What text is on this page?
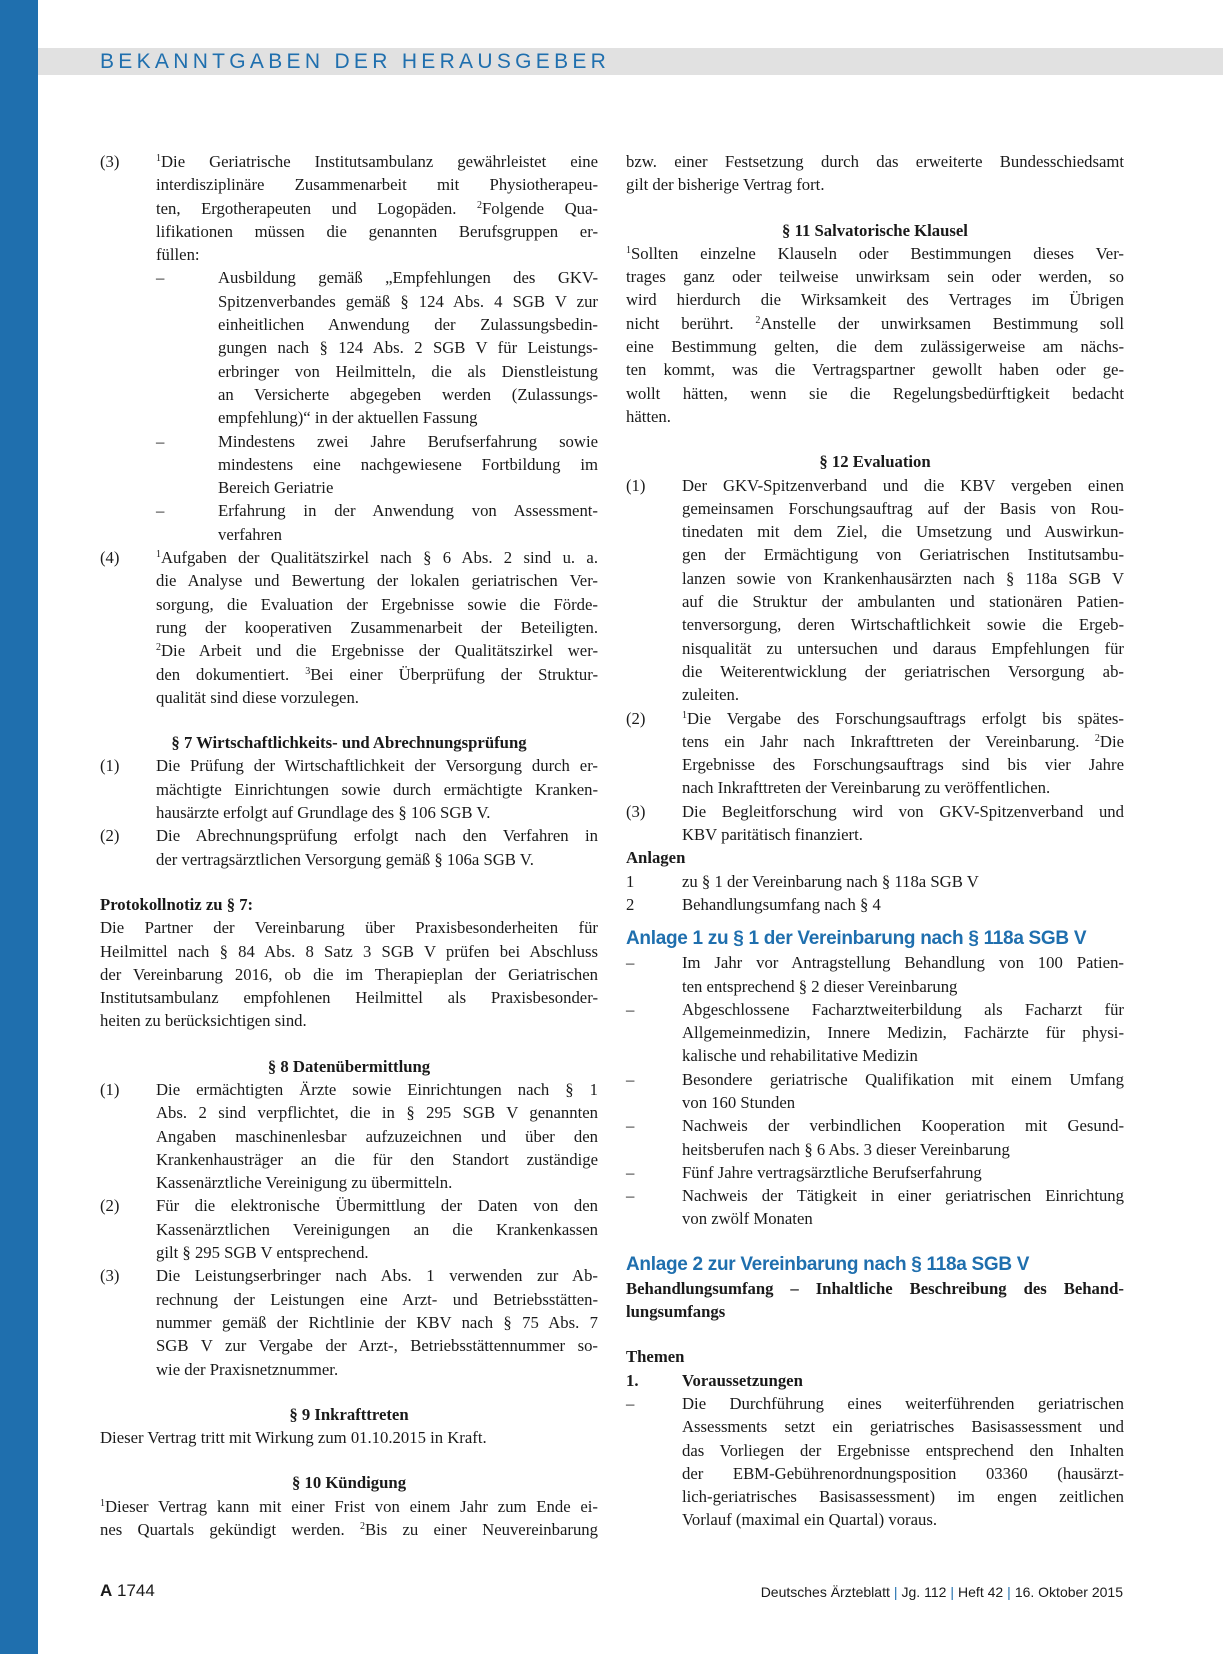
BEKANNTGABEN DER HERAUSGEBER
(3)	$^1$Die Geriatrische Institutsambulanz gewährleistet eine
interdisziplinäre Zusammenarbeit mit Physiotherapeu-
ten, Ergotherapeuten und Logopäden. $^2$Folgende Qua-
lifikationen müssen die genannten Berufsgruppen er-
füllen:
–	Ausbildung gemäß „Empfehlungen des GKV-
Spitzenverbandes gemäß § 124 Abs. 4 SGB V zur
einheitlichen Anwendung der Zulassungsbedin-
gungen nach § 124 Abs. 2 SGB V für Leistungs-
erbringer von Heilmitteln, die als Dienstleistung
an Versicherte abgegeben werden (Zulassungs-
empfehlung)“ in der aktuellen Fassung
–	Mindestens zwei Jahre Berufserfahrung sowie
mindestens eine nachgewiesene Fortbildung im
Bereich Geriatrie
–	Erfahrung in der Anwendung von Assessment-
verfahren
(4)	$^1$Aufgaben der Qualitätszirkel nach § 6 Abs. 2 sind u. a.
die Analyse und Bewertung der lokalen geriatrischen Ver-
sorgung, die Evaluation der Ergebnisse sowie die Förde-
rung der kooperativen Zusammenarbeit der Beteiligten.
$^2$Die Arbeit und die Ergebnisse der Qualitätszirkel wer-
den dokumentiert. $^3$Bei einer Überprüfung der Struktur-
qualität sind diese vorzulegen.
§ 7 Wirtschaftlichkeits- und Abrechnungsprüfung
(1)	Die Prüfung der Wirtschaftlichkeit der Versorgung durch er-
mächtigte Einrichtungen sowie durch ermächtigte Kranken-
hausärzte erfolgt auf Grundlage des § 106 SGB V.
(2)	Die Abrechnungsprüfung erfolgt nach den Verfahren in
der vertragsärztlichen Versorgung gemäß § 106a SGB V.
Protokollnotiz zu § 7:
Die Partner der Vereinbarung über Praxisbesonderheiten für
Heilmittel nach § 84 Abs. 8 Satz 3 SGB V prüfen bei Abschluss
der Vereinbarung 2016, ob die im Therapieplan der Geriatrischen
Institutsambulanz empfohlenen Heilmittel als Praxisbesonder-
heiten zu berücksichtigen sind.
§ 8 Datenübermittlung
(1)	Die ermächtigten Ärzte sowie Einrichtungen nach § 1
Abs. 2 sind verpflichtet, die in § 295 SGB V genannten
Angaben maschinenlesbar aufzuzeichnen und über den
Krankenhausträger an die für den Standort zuständige
Kassenärztliche Vereinigung zu übermitteln.
(2)	Für die elektronische Übermittlung der Daten von den
Kassenärztlichen Vereinigungen an die Krankenkassen
gilt § 295 SGB V entsprechend.
(3)	Die Leistungserbringer nach Abs. 1 verwenden zur Ab-
rechnung der Leistungen eine Arzt- und Betriebsstätten-
nummer gemäß der Richtlinie der KBV nach § 75 Abs. 7
SGB V zur Vergabe der Arzt-, Betriebsstättennummer so-
wie der Praxisnetznummer.
§ 9 Inkrafttreten
Dieser Vertrag tritt mit Wirkung zum 01.10.2015 in Kraft.
§ 10 Kündigung
$^1$Dieser Vertrag kann mit einer Frist von einem Jahr zum Ende ei-
nes Quartals gekündigt werden. $^2$Bis zu einer Neuvereinbarung
bzw. einer Festsetzung durch das erweiterte Bundesschiedsamt
gilt der bisherige Vertrag fort.
§ 11 Salvatorische Klausel
$^1$Sollten einzelne Klauseln oder Bestimmungen dieses Ver-
trages ganz oder teilweise unwirksam sein oder werden, so
wird hierdurch die Wirksamkeit des Vertrages im Übrigen
nicht berührt. $^2$Anstelle der unwirksamen Bestimmung soll
eine Bestimmung gelten, die dem zulässigerweise am nächs-
ten kommt, was die Vertragspartner gewollt haben oder ge-
wollt hätten, wenn sie die Regelungsbedürftigkeit bedacht
hätten.
§ 12 Evaluation
(1)	Der GKV-Spitzenverband und die KBV vergeben einen
gemeinsamen Forschungsauftrag auf der Basis von Rou-
tinedaten mit dem Ziel, die Umsetzung und Auswirkun-
gen der Ermächtigung von Geriatrischen Institutsambu-
lanzen sowie von Krankenhausärzten nach § 118a SGB V
auf die Struktur der ambulanten und stationären Patien-
tenversorgung, deren Wirtschaftlichkeit sowie die Ergeb-
nisqualität zu untersuchen und daraus Empfehlungen für
die Weiterentwicklung der geriatrischen Versorgung ab-
zuleiten.
(2)	$^1$Die Vergabe des Forschungsauftrags erfolgt bis spätes-
tens ein Jahr nach Inkrafttreten der Vereinbarung. $^2$Die
Ergebnisse des Forschungsauftrags sind bis vier Jahre
nach Inkrafttreten der Vereinbarung zu veröffentlichen.
(3)	Die Begleitforschung wird von GKV-Spitzenverband und
KBV paritätisch finanziert.
Anlagen
1	zu § 1 der Vereinbarung nach § 118a SGB V
2	Behandlungsumfang nach § 4
Anlage 1 zu § 1 der Vereinbarung nach § 118a SGB V
–	Im Jahr vor Antragstellung Behandlung von 100 Patien-
ten entsprechend § 2 dieser Vereinbarung
–	Abgeschlossene Facharztweiterbildung als Facharzt für
Allgemeinmedizin, Innere Medizin, Fachärzte für physi-
kalische und rehabilitative Medizin
–	Besondere geriatrische Qualifikation mit einem Umfang
von 160 Stunden
–	Nachweis der verbindlichen Kooperation mit Gesund-
heitsberufen nach § 6 Abs. 3 dieser Vereinbarung
–	Fünf Jahre vertragsärztliche Berufserfahrung
–	Nachweis der Tätigkeit in einer geriatrischen Einrichtung
von zwölf Monaten
Anlage 2 zur Vereinbarung nach § 118a SGB V
Behandlungsumfang – Inhaltliche Beschreibung des Behand-
lungsumfangs
Themen
1.	Voraussetzungen
–	Die Durchführung eines weiterführenden geriatrischen
Assessments setzt ein geriatrisches Basisassessment und
das Vorliegen der Ergebnisse entsprechend den Inhalten
der EBM-Gebührenordnungsposition 03360 (hausärzt-
lich-geriatrisches Basisassessment) im engen zeitlichen
Vorlauf (maximal ein Quartal) voraus.
A 1744	Deutsches Ärzteblatt | Jg. 112 | Heft 42 | 16. Oktober 2015
